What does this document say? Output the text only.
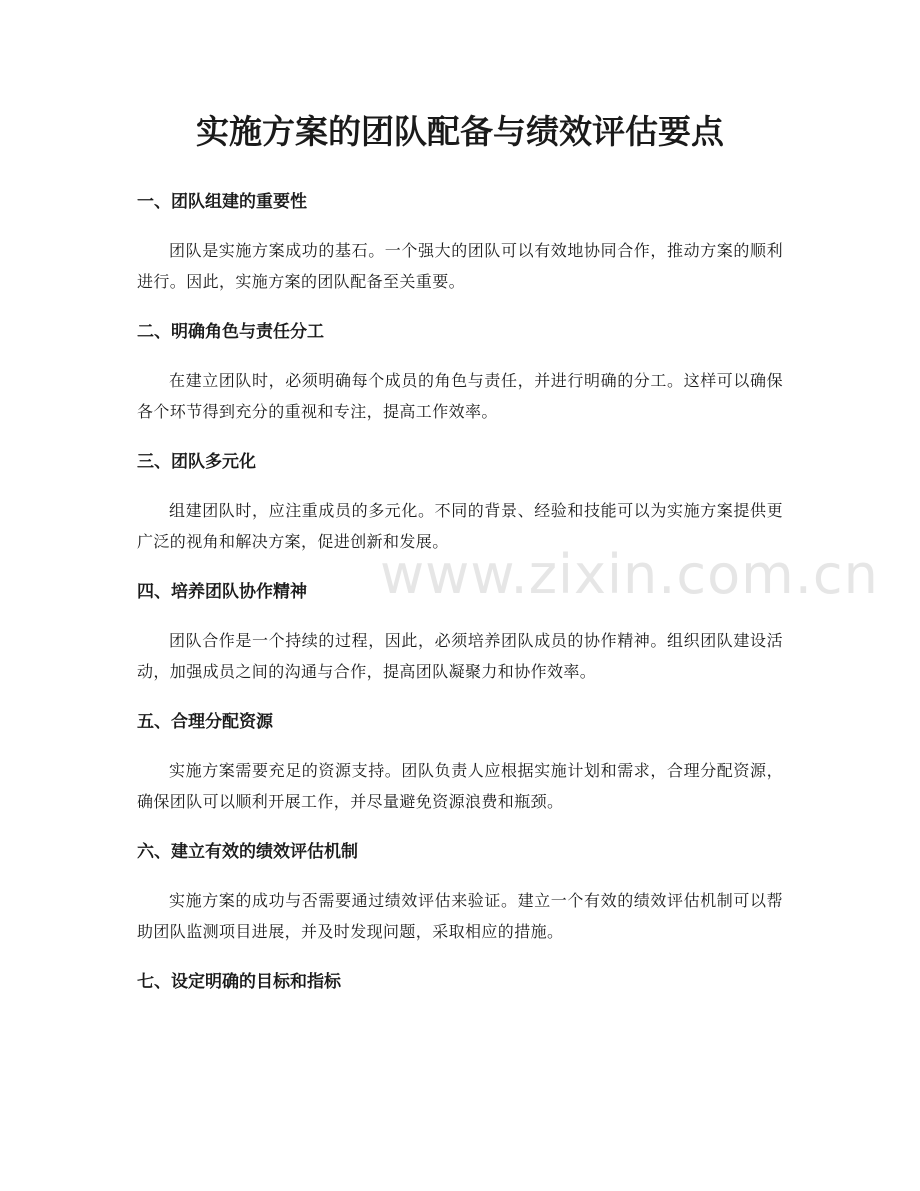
实施方案的团队配备与绩效评估要点
一、团队组建的重要性

团队是实施方案成功的基石。一个强大的团队可以有效地协同合作，推动方案的顺利进行。因此，实施方案的团队配备至关重要。

二、明确角色与责任分工

在建立团队时，必须明确每个成员的角色与责任，并进行明确的分工。这样可以确保各个环节得到充分的重视和专注，提高工作效率。

三、团队多元化

组建团队时，应注重成员的多元化。不同的背景、经验和技能可以为实施方案提供更广泛的视角和解决方案，促进创新和发展。

四、培养团队协作精神

团队合作是一个持续的过程，因此，必须培养团队成员的协作精神。组织团队建设活动，加强成员之间的沟通与合作，提高团队凝聚力和协作效率。

五、合理分配资源

实施方案需要充足的资源支持。团队负责人应根据实施计划和需求，合理分配资源，确保团队可以顺利开展工作，并尽量避免资源浪费和瓶颈。

六、建立有效的绩效评估机制

实施方案的成功与否需要通过绩效评估来验证。建立一个有效的绩效评估机制可以帮助团队监测项目进展，并及时发现问题，采取相应的措施。

七、设定明确的目标和指标
www.zixin.com.cn
